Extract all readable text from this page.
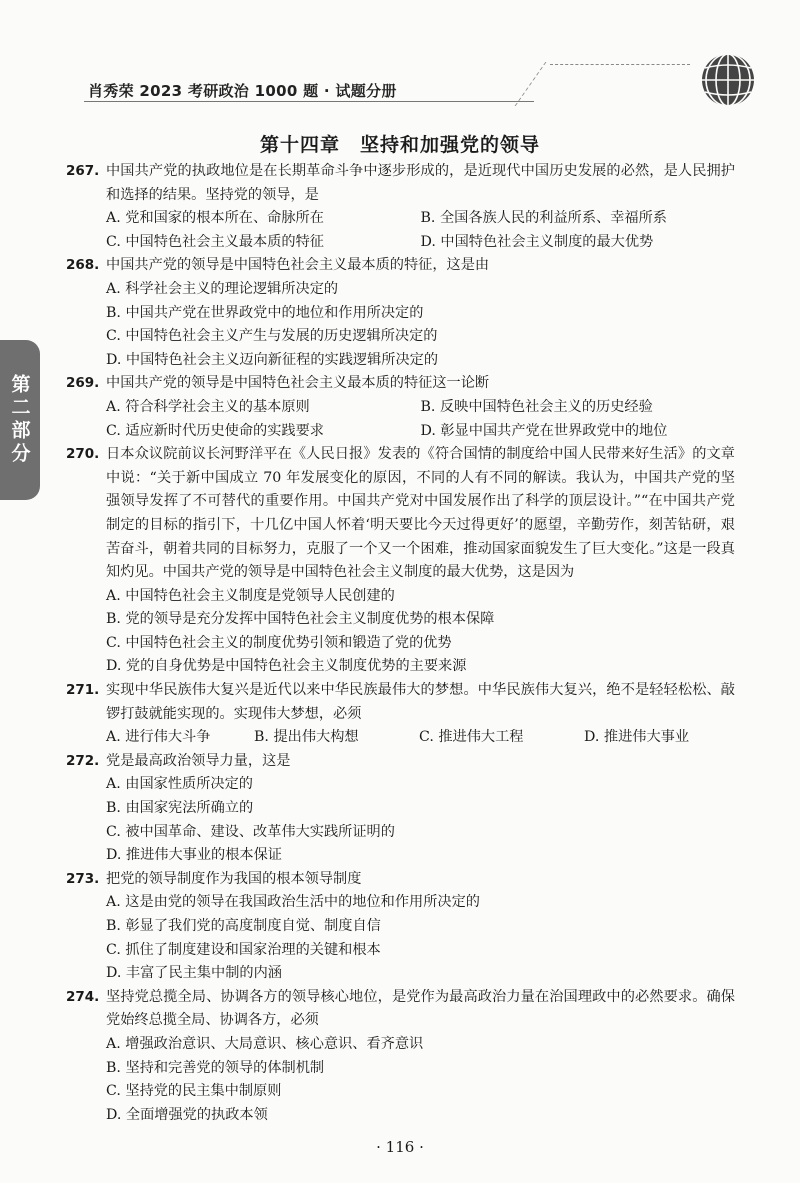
肖秀荣 2023 考研政治 1000 题 · 试题分册
第二部分
第十四章　坚持和加强党的领导
267. 中国共产党的执政地位是在长期革命斗争中逐步形成的，是近现代中国历史发展的必然，是人民拥护和选择的结果。坚持党的领导，是
A. 党和国家的根本所在、命脉所在	B. 全国各族人民的利益所系、幸福所系
C. 中国特色社会主义最本质的特征	D. 中国特色社会主义制度的最大优势
268. 中国共产党的领导是中国特色社会主义最本质的特征，这是由
A. 科学社会主义的理论逻辑所决定的
B. 中国共产党在世界政党中的地位和作用所决定的
C. 中国特色社会主义产生与发展的历史逻辑所决定的
D. 中国特色社会主义迈向新征程的实践逻辑所决定的
269. 中国共产党的领导是中国特色社会主义最本质的特征这一论断
A. 符合科学社会主义的基本原则	B. 反映中国特色社会主义的历史经验
C. 适应新时代历史使命的实践要求	D. 彰显中国共产党在世界政党中的地位
270. 日本众议院前议长河野洋平在《人民日报》发表的《符合国情的制度给中国人民带来好生活》的文章中说：“关于新中国成立 70 年发展变化的原因，不同的人有不同的解读。我认为，中国共产党的坚强领导发挥了不可替代的重要作用。中国共产党对中国发展作出了科学的顶层设计。”“在中国共产党制定的目标的指引下，十几亿中国人怀着‘明天要比今天过得更好’的愿望，辛勤劳作，刻苦钻研，艰苦奋斗，朝着共同的目标努力，克服了一个又一个困难，推动国家面貌发生了巨大变化。”这是一段真知灼见。中国共产党的领导是中国特色社会主义制度的最大优势，这是因为
A. 中国特色社会主义制度是党领导人民创建的
B. 党的领导是充分发挥中国特色社会主义制度优势的根本保障
C. 中国特色社会主义的制度优势引领和锻造了党的优势
D. 党的自身优势是中国特色社会主义制度优势的主要来源
271. 实现中华民族伟大复兴是近代以来中华民族最伟大的梦想。中华民族伟大复兴，绝不是轻轻松松、敲锣打鼓就能实现的。实现伟大梦想，必须
A. 进行伟大斗争	B. 提出伟大构想	C. 推进伟大工程	D. 推进伟大事业
272. 党是最高政治领导力量，这是
A. 由国家性质所决定的
B. 由国家宪法所确立的
C. 被中国革命、建设、改革伟大实践所证明的
D. 推进伟大事业的根本保证
273. 把党的领导制度作为我国的根本领导制度
A. 这是由党的领导在我国政治生活中的地位和作用所决定的
B. 彰显了我们党的高度制度自觉、制度自信
C. 抓住了制度建设和国家治理的关键和根本
D. 丰富了民主集中制的内涵
274. 坚持党总揽全局、协调各方的领导核心地位，是党作为最高政治力量在治国理政中的必然要求。确保党始终总揽全局、协调各方，必须
A. 增强政治意识、大局意识、核心意识、看齐意识
B. 坚持和完善党的领导的体制机制
C. 坚持党的民主集中制原则
D. 全面增强党的执政本领
· 116 ·
